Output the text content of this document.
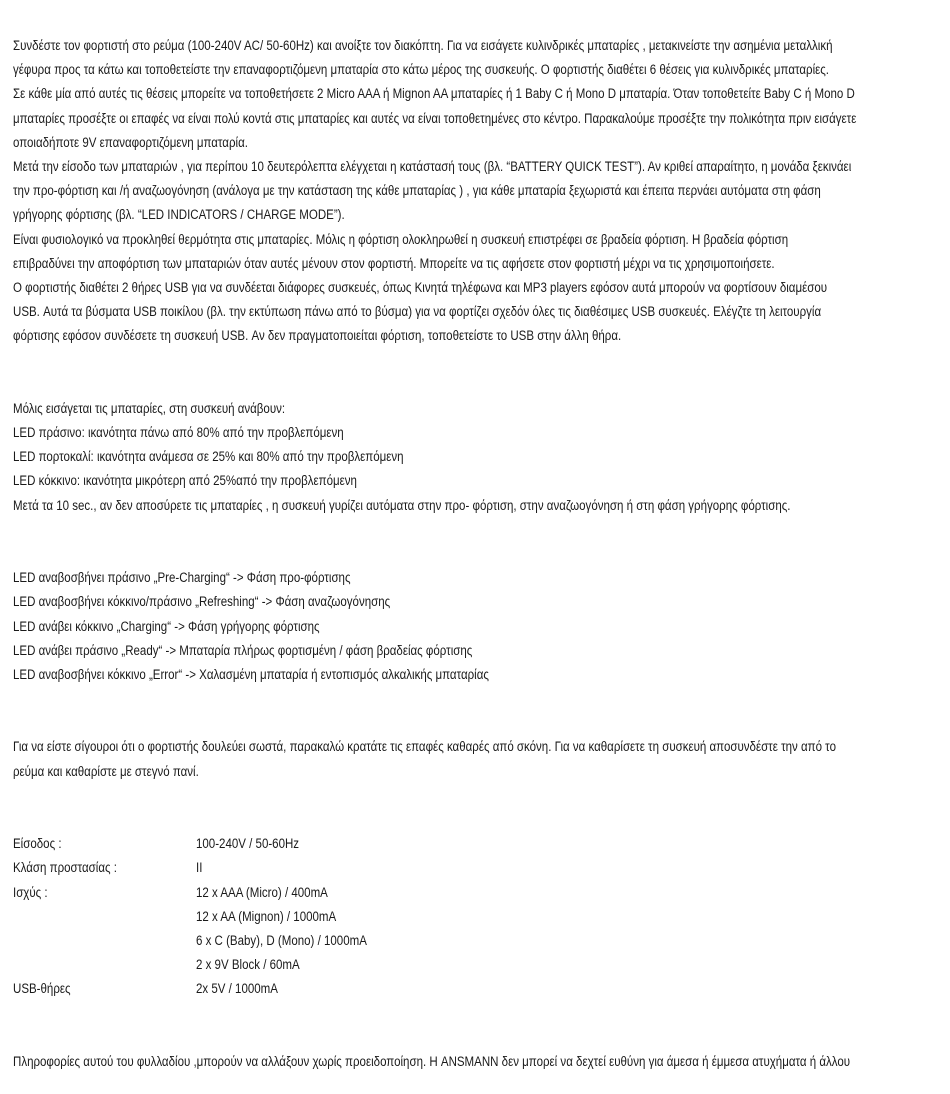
Συνδέστε τον φορτιστή στο ρεύμα (100-240V AC/ 50-60Hz) και ανοίξτε τον διακόπτη. Για να εισάγετε κυλινδρικές μπαταρίες , μετακινείστε την ασημένια μεταλλική
γέφυρα προς τα κάτω και τοποθετείστε την επαναφορτιζόμενη μπαταρία στο κάτω μέρος της συσκευής. Ο φορτιστής διαθέτει 6 θέσεις για κυλινδρικές μπαταρίες.
Σε κάθε μία από αυτές τις θέσεις μπορείτε να τοποθετήσετε 2 Micro AAA ή Mignon AA μπαταρίες ή 1 Baby C ή Mono D μπαταρία. Όταν τοποθετείτε Baby C ή Mono D
μπαταρίες προσέξτε οι επαφές να είναι πολύ κοντά στις μπαταρίες και αυτές να είναι τοποθετημένες στο κέντρο. Παρακαλούμε προσέξτε την πολικότητα πριν εισάγετε
οποιαδήποτε 9V επαναφορτιζόμενη μπαταρία.
Μετά την είσοδο των μπαταριών , για περίπου 10 δευτερόλεπτα ελέγχεται η κατάστασή τους (βλ. “BATTERY QUICK TEST”). Αν κριθεί απαραίτητο, η μονάδα ξεκινάει
την προ-φόρτιση και /ή αναζωογόνηση (ανάλογα με την κατάσταση της κάθε μπαταρίας ) , για κάθε μπαταρία ξεχωριστά και έπειτα περνάει αυτόματα στη φάση
γρήγορης φόρτισης (βλ. “LED INDICATORS / CHARGE MODE”).
Είναι φυσιολογικό να προκληθεί θερμότητα στις μπαταρίες. Μόλις η φόρτιση ολοκληρωθεί η συσκευή επιστρέφει σε βραδεία φόρτιση. Η βραδεία φόρτιση
επιβραδύνει την αποφόρτιση των μπαταριών όταν αυτές μένουν στον φορτιστή. Μπορείτε να τις αφήσετε στον φορτιστή μέχρι να τις χρησιμοποιήσετε.
Ο φορτιστής διαθέτει 2 θήρες USB για να συνδέεται διάφορες συσκευές, όπως Κινητά τηλέφωνα και MP3 players εφόσον αυτά μπορούν να φορτίσουν διαμέσου
USB. Αυτά τα βύσματα USB ποικίλου (βλ. την εκτύπωση πάνω από το βύσμα) για να φορτίζει σχεδόν όλες τις διαθέσιμες USB συσκευές. Ελέγζτε τη λειτουργία
φόρτισης εφόσον συνδέσετε τη συσκευή USB. Αν δεν πραγματοποιείται φόρτιση, τοποθετείστε το USB στην άλλη θήρα.
Μόλις εισάγεται τις μπαταρίες, στη συσκευή ανάβουν:
LED πράσινο: ικανότητα πάνω από 80% από την προβλεπόμενη
LED πορτοκαλί: ικανότητα ανάμεσα σε 25% και 80% από την προβλεπόμενη
LED κόκκινο: ικανότητα μικρότερη από 25%από την προβλεπόμενη
Μετά τα 10 sec., αν δεν αποσύρετε τις μπαταρίες , η συσκευή γυρίζει αυτόματα στην προ- φόρτιση, στην αναζωογόνηση ή στη φάση γρήγορης φόρτισης.
LED αναβοσβήνει πράσινο „Pre-Charging“ -> Φάση προ-φόρτισης
LED αναβοσβήνει κόκκινο/πράσινο „Refreshing“ -> Φάση αναζωογόνησης
LED ανάβει κόκκινο „Charging“ -> Φάση γρήγορης φόρτισης
LED ανάβει πράσινο „Ready“ -> Μπαταρία πλήρως φορτισμένη / φάση βραδείας φόρτισης
LED αναβοσβήνει κόκκινο „Error“ -> Χαλασμένη μπαταρία ή εντοπισμός αλκαλικής μπαταρίας
Για να είστε σίγουροι ότι ο φορτιστής δουλεύει σωστά, παρακαλώ κρατάτε τις επαφές καθαρές από σκόνη. Για να καθαρίσετε τη συσκευή αποσυνδέστε την από το
ρεύμα και καθαρίστε με στεγνό πανί.
Είσοδος :	100-240V / 50-60Hz
Κλάση προστασίας :	II
Ισχύς :	12 x AAA (Micro) / 400mA
12 x AA (Mignon) / 1000mA
6 x C (Baby), D (Mono) / 1000mA
2 x 9V Block / 60mA
USB-θήρες	2x 5V / 1000mA
Πληροφορίες αυτού του φυλλαδίου ,μπορούν να αλλάξουν χωρίς προειδοποίηση. Η ANSMANN δεν μπορεί να δεχτεί ευθύνη για άμεσα ή έμμεσα ατυχήματα ή άλλου
